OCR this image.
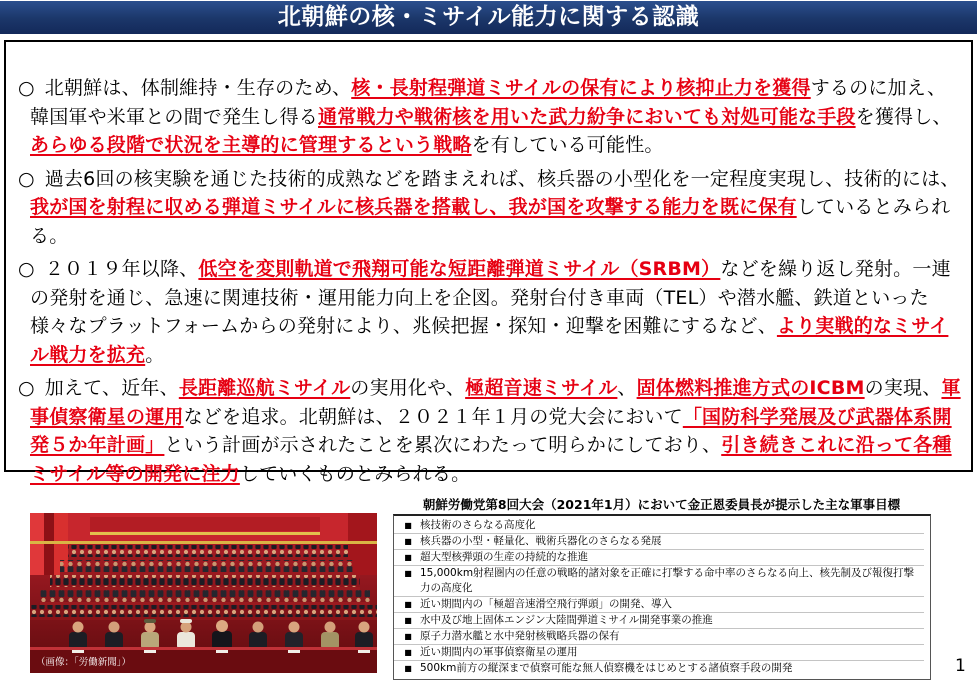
北朝鮮の核・ミサイル能力に関する認識

○ 北朝鮮は、体制維持・生存のため、核・長射程弾道ミサイルの保有により核抑止力を獲得するのに加え、韓国軍や米軍との間で発生し得る通常戦力や戦術核を用いた武力紛争においても対処可能な手段を獲得し、あらゆる段階で状況を主導的に管理するという戦略を有している可能性。

○ 過去6回の核実験を通じた技術的成熟などを踏まえれば、核兵器の小型化を一定程度実現し、技術的には、我が国を射程に収める弾道ミサイルに核兵器を搭載し、我が国を攻撃する能力を既に保有しているとみられる。

○ ２０１９年以降、低空を変則軌道で飛翔可能な短距離弾道ミサイル（SRBM）などを繰り返し発射。一連の発射を通じ、急速に関連技術・運用能力向上を企図。発射台付き車両（TEL）や潜水艦、鉄道といった様々なプラットフォームからの発射により、兆候把握・探知・迎撃を困難にするなど、より実戦的なミサイル戦力を拡充。

○ 加えて、近年、長距離巡航ミサイルの実用化や、極超音速ミサイル、固体燃料推進方式のICBMの実現、軍事偵察衛星の運用などを追求。北朝鮮は、２０２１年１月の党大会において「国防科学発展及び武器体系開発５か年計画」という計画が示されたことを累次にわたって明らかにしており、引き続きこれに沿って各種ミサイル等の開発に注力していくものとみられる。

（画像：「労働新聞」）
朝鮮労働党第8回大会（2021年1月）において金正恩委員長が提示した主な軍事目標
■ 核技術のさらなる高度化
■ 核兵器の小型・軽量化、戦術兵器化のさらなる発展
■ 超大型核弾頭の生産の持続的な推進
■ 15,000km射程圏内の任意の戦略的諸対象を正確に打撃する命中率のさらなる向上、核先制及び報復打撃力の高度化
■ 近い期間内の「極超音速滑空飛行弾頭」の開発、導入
■ 水中及び地上固体エンジン大陸間弾道ミサイル開発事業の推進
■ 原子力潜水艦と水中発射核戦略兵器の保有
■ 近い期間内の軍事偵察衛星の運用
■ 500km前方の縦深まで偵察可能な無人偵察機をはじめとする諸偵察手段の開発	1
